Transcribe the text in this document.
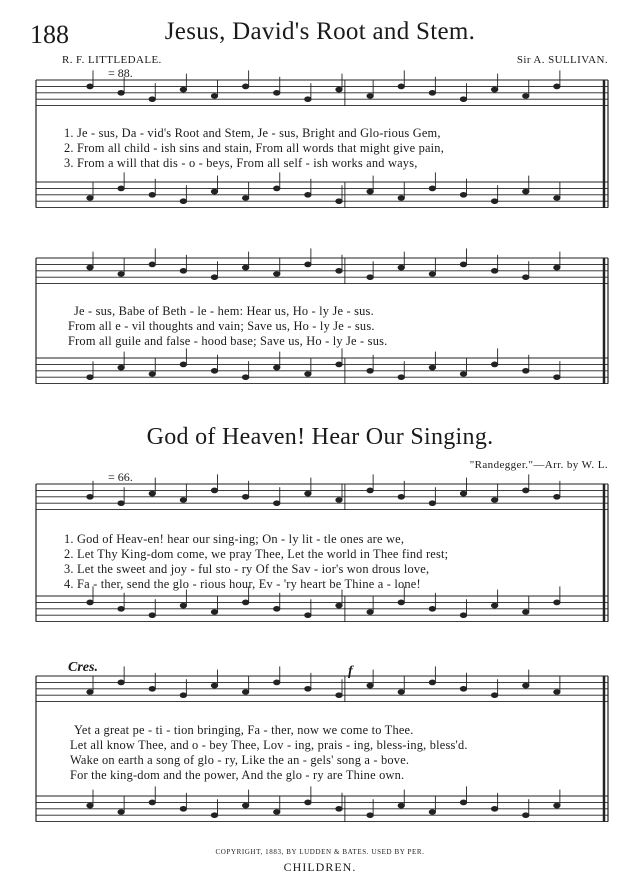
188	Jesus, David's Root and Stem.
R. F. LITTLEDALE.	Sir A. SULLIVAN.
= 88.
1. Je - sus, Da - vid's Root and Stem, Je - sus, Bright and Glo-rious Gem,
2. From all child - ish sins and stain, From all words that might give pain,
3. From a will that dis - o - beys, From all self - ish works and ways,
Je - sus, Babe of Beth - le - hem: Hear us, Ho - ly Je - sus.
From all e - vil thoughts and vain; Save us, Ho - ly Je - sus.
From all guile and false - hood base; Save us, Ho - ly Je - sus.
God of Heaven! Hear Our Singing.
"Randegger."—Arr. by W. L.
= 66.
1. God of Heav-en! hear our sing-ing; On - ly lit - tle ones are we,
2. Let Thy King-dom come, we pray Thee, Let the world in Thee find rest;
3. Let the sweet and joy - ful sto - ry Of the Sav - ior's won drous love,
4. Fa - ther, send the glo - rious hour, Ev - 'ry heart be Thine a - lone!
Cres.	f
Yet a great pe - ti - tion bringing, Fa - ther, now we come to Thee.
Let all know Thee, and o - bey Thee, Lov - ing, prais - ing, bless-ing, bless'd.
Wake on earth a song of glo - ry, Like the an - gels' song a - bove.
For the king-dom and the power, And the glo - ry are Thine own.
COPYRIGHT, 1883, BY LUDDEN & BATES. USED BY PER.
CHILDREN.
